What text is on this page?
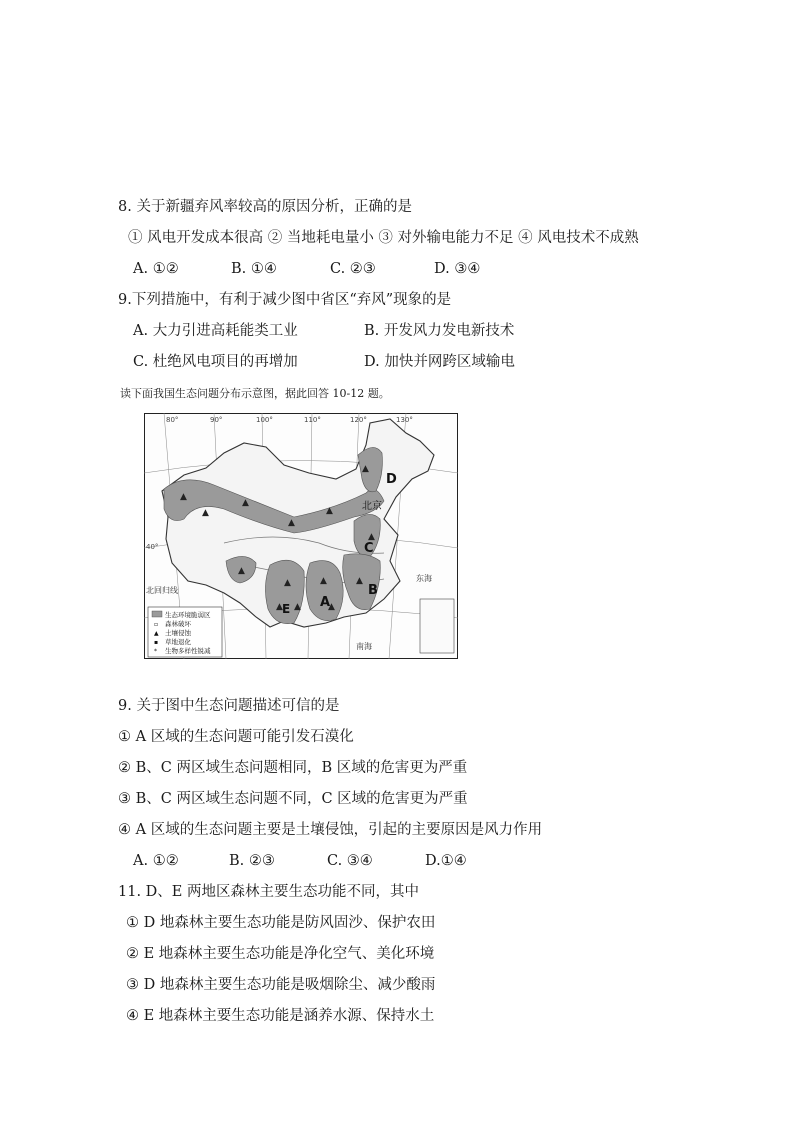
8. 关于新疆弃风率较高的原因分析，正确的是
① 风电开发成本很高 ② 当地耗电量小 ③ 对外输电能力不足 ④ 风电技术不成熟
A. ①②	B. ①④	C. ②③	D. ③④
9.下列措施中，有利于减少图中省区“弃风”现象的是
A. 大力引进高耗能类工业	B. 开发风力发电新技术
C. 杜绝风电项目的再增加	D. 加快并网跨区域输电
读下面我国生态问题分布示意图，据此回答 10-12 题。
▲
▲
▲
▲
▲
▲
▲
▲
▲
▲
▲
▲
▲
▲
北京
D
C
B
A
E
东海
南海
北回归线
40°
80°	90°	100°	110°	120°	130°
生态环境脆弱区
▫ 森林破坏
▲ 土壤侵蚀
▪ 草地退化
* 生物多样性锐减
9. 关于图中生态问题描述可信的是
① A 区域的生态问题可能引发石漠化
② B、C 两区域生态问题相同，B 区域的危害更为严重
③ B、C 两区域生态问题不同，C 区域的危害更为严重
④ A 区域的生态问题主要是土壤侵蚀，引起的主要原因是风力作用
A. ①②	B. ②③	C. ③④	D.①④
11. D、E 两地区森林主要生态功能不同，其中
① D 地森林主要生态功能是防风固沙、保护农田
② E 地森林主要生态功能是净化空气、美化环境
③ D 地森林主要生态功能是吸烟除尘、减少酸雨
④ E 地森林主要生态功能是涵养水源、保持水土
